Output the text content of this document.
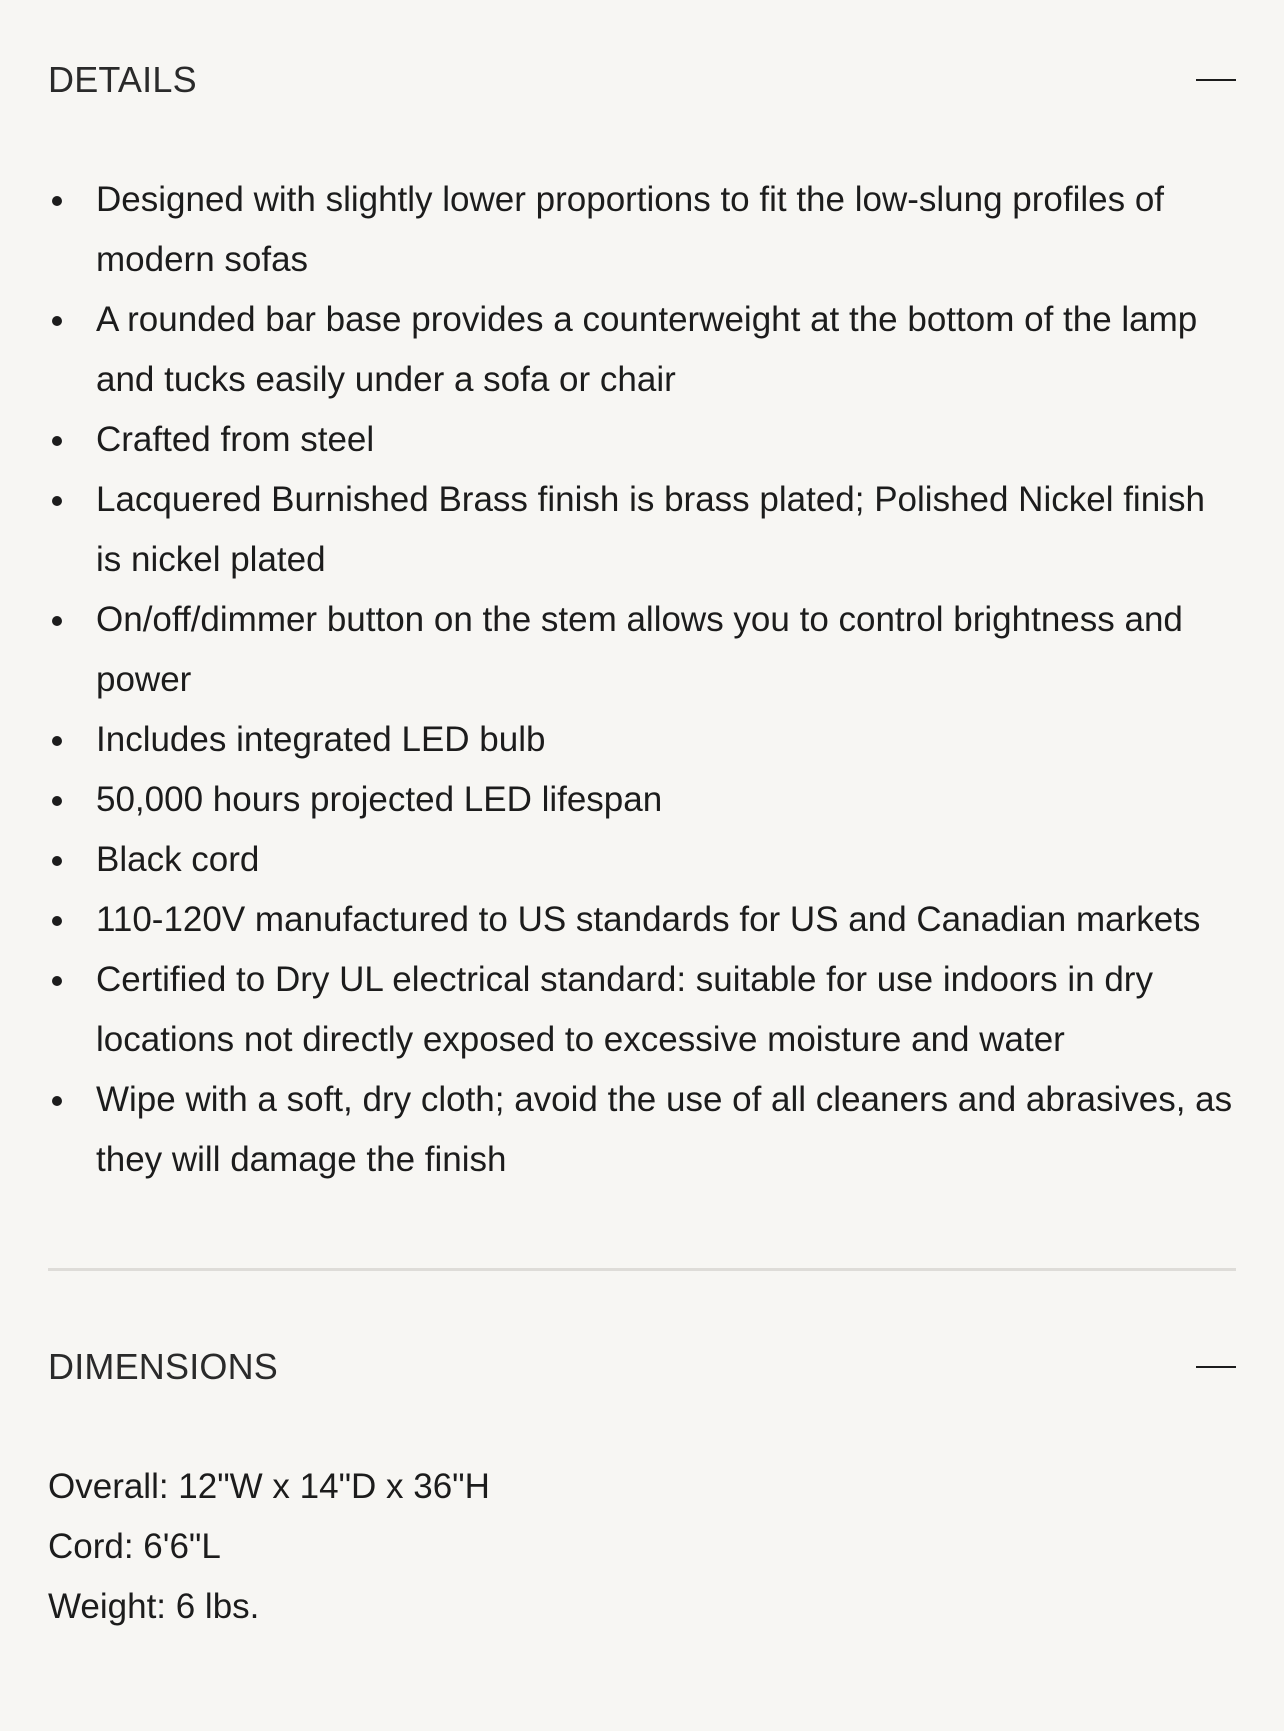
DETAILS
Designed with slightly lower proportions to fit the low-slung profiles of modern sofas
A rounded bar base provides a counterweight at the bottom of the lamp and tucks easily under a sofa or chair
Crafted from steel
Lacquered Burnished Brass finish is brass plated; Polished Nickel finish is nickel plated
On/off/dimmer button on the stem allows you to control brightness and power
Includes integrated LED bulb
50,000 hours projected LED lifespan
Black cord
110-120V manufactured to US standards for US and Canadian markets
Certified to Dry UL electrical standard: suitable for use indoors in dry locations not directly exposed to excessive moisture and water
Wipe with a soft, dry cloth; avoid the use of all cleaners and abrasives, as they will damage the finish
DIMENSIONS
Overall: 12"W x 14"D x 36"H
Cord: 6'6"L
Weight: 6 lbs.
